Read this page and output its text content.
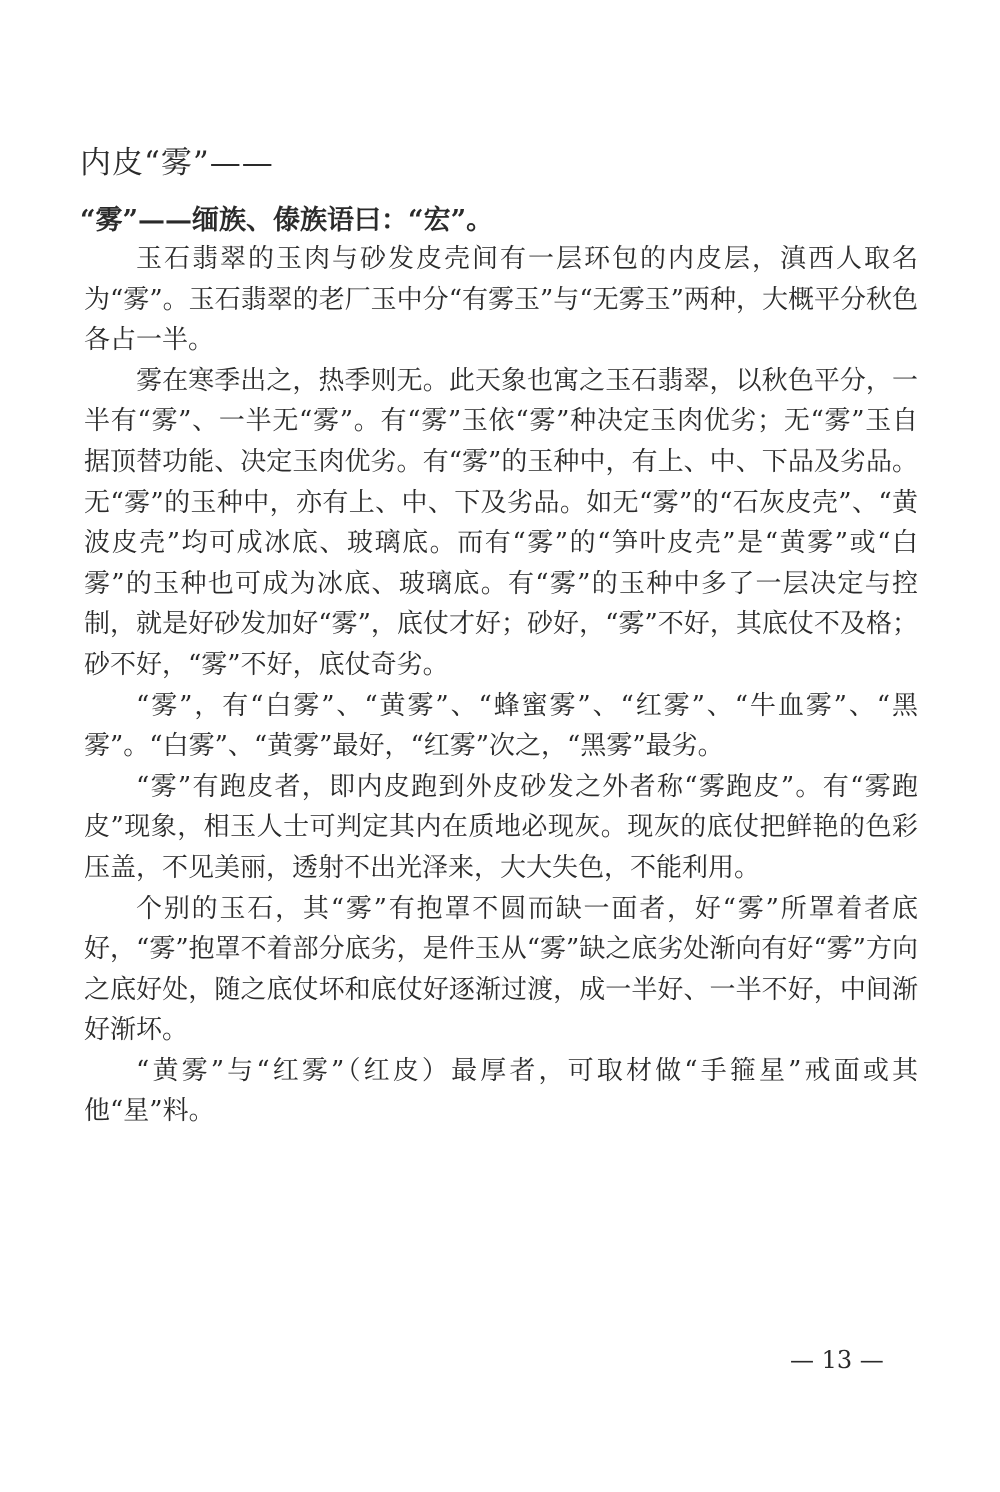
内皮“雾”——
“雾”——缅族、傣族语曰：“宏”。

玉石翡翠的玉肉与砂发皮壳间有一层环包的内皮层，滇西人取名为“雾”。玉石翡翠的老厂玉中分“有雾玉”与“无雾玉”两种，大概平分秋色各占一半。

雾在寒季出之，热季则无。此天象也寓之玉石翡翠，以秋色平分，一半有“雾”、一半无“雾”。有“雾”玉依“雾”种决定玉肉优劣；无“雾”玉自据顶替功能、决定玉肉优劣。有“雾”的玉种中，有上、中、下品及劣品。无“雾”的玉种中，亦有上、中、下及劣品。如无“雾”的“石灰皮壳”、“黄波皮壳”均可成冰底、玻璃底。而有“雾”的“笋叶皮壳”是“黄雾”或“白雾”的玉种也可成为冰底、玻璃底。有“雾”的玉种中多了一层决定与控制，就是好砂发加好“雾”，底仗才好；砂好，“雾”不好，其底仗不及格；砂不好，“雾”不好，底仗奇劣。

“雾”，有“白雾”、“黄雾”、“蜂蜜雾”、“红雾”、“牛血雾”、“黑雾”。“白雾”、“黄雾”最好，“红雾”次之，“黑雾”最劣。

“雾”有跑皮者，即内皮跑到外皮砂发之外者称“雾跑皮”。有“雾跑皮”现象，相玉人士可判定其内在质地必现灰。现灰的底仗把鲜艳的色彩压盖，不见美丽，透射不出光泽来，大大失色，不能利用。

个别的玉石，其“雾”有抱罩不圆而缺一面者，好“雾”所罩着者底好，“雾”抱罩不着部分底劣，是件玉从“雾”缺之底劣处渐向有好“雾”方向之底好处，随之底仗坏和底仗好逐渐过渡，成一半好、一半不好，中间渐好渐坏。

“黄雾”与“红雾”（红皮）最厚者，可取材做“手箍星”戒面或其他“星”料。

— 13 —
